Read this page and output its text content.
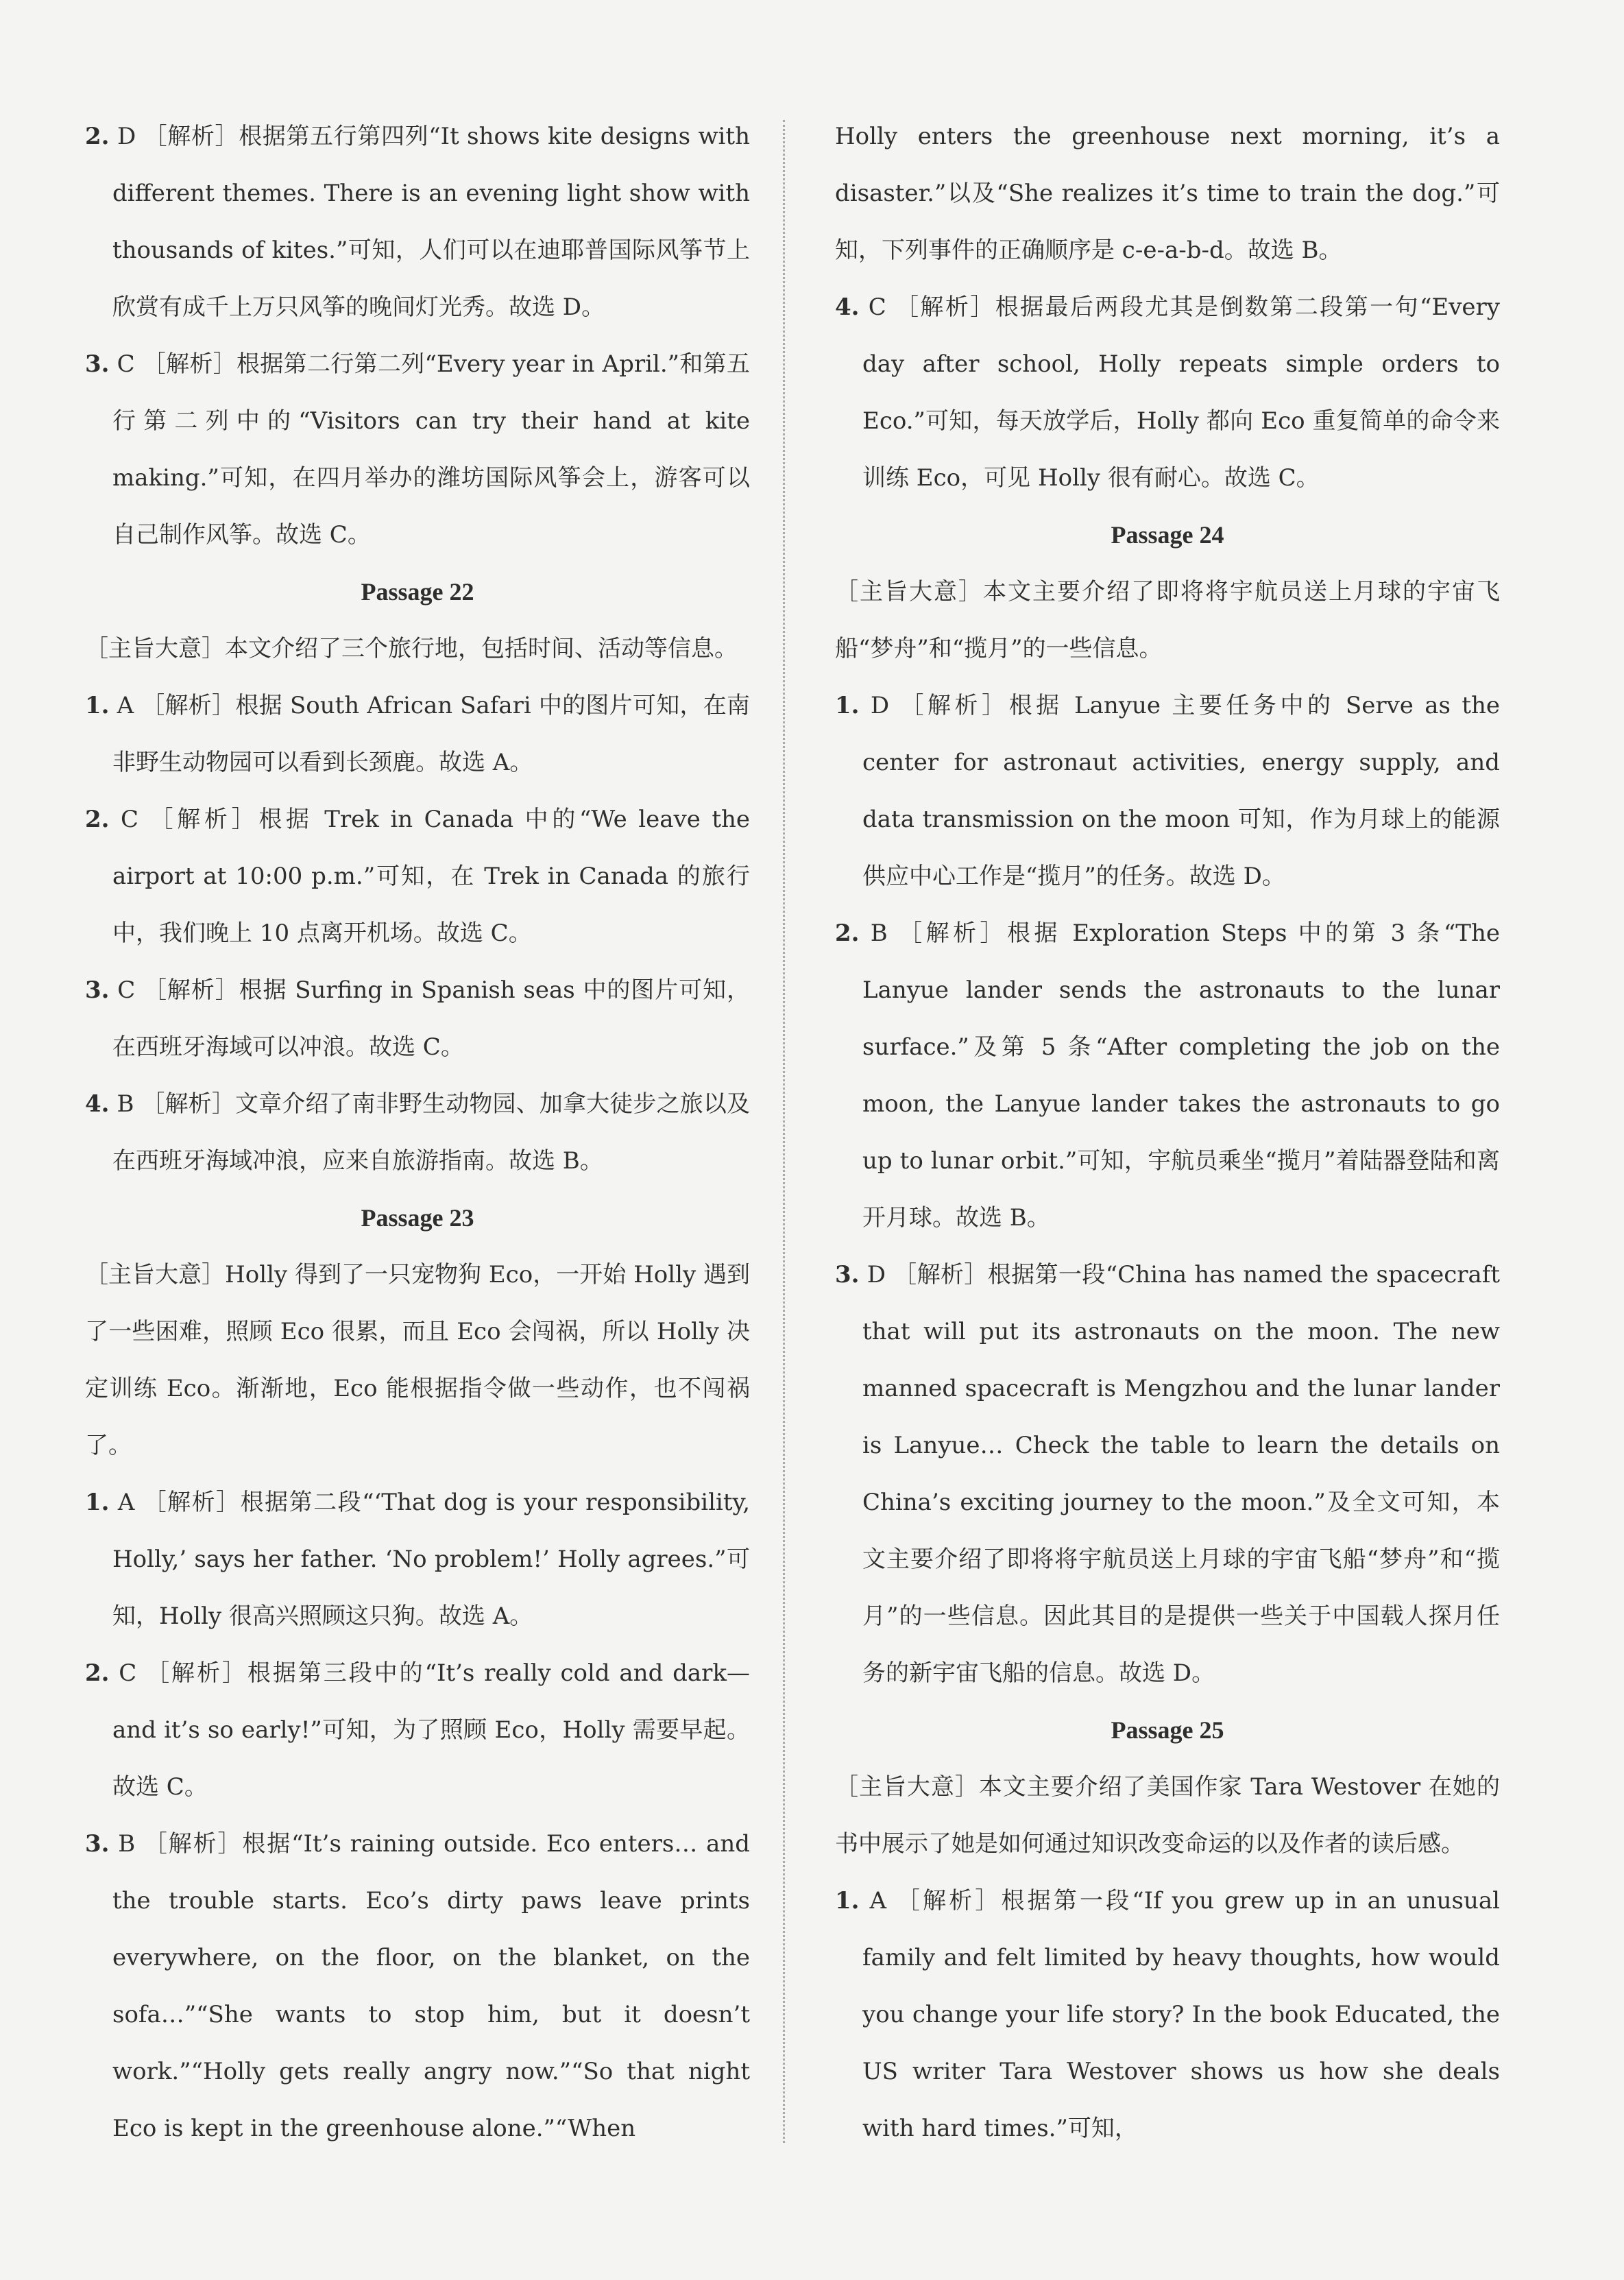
2. D ［解析］根据第五行第四列“It shows kite designs with different themes. There is an evening light show with thousands of kites.”可知，人们可以在迪耶普国际风筝节上欣赏有成千上万只风筝的晚间灯光秀。故选 D。

3. C ［解析］根据第二行第二列“Every year in April.”和第五行第二列中的“Visitors can try their hand at kite making.”可知，在四月举办的潍坊国际风筝会上，游客可以自己制作风筝。故选 C。

Passage 22

［主旨大意］本文介绍了三个旅行地，包括时间、活动等信息。

1. A ［解析］根据 South African Safari 中的图片可知，在南非野生动物园可以看到长颈鹿。故选 A。

2. C ［解析］根据 Trek in Canada 中的“We leave the airport at 10:00 p.m.”可知，在 Trek in Canada 的旅行中，我们晚上 10 点离开机场。故选 C。

3. C ［解析］根据 Surfing in Spanish seas 中的图片可知，在西班牙海域可以冲浪。故选 C。

4. B ［解析］文章介绍了南非野生动物园、加拿大徒步之旅以及在西班牙海域冲浪，应来自旅游指南。故选 B。

Passage 23

［主旨大意］Holly 得到了一只宠物狗 Eco，一开始 Holly 遇到了一些困难，照顾 Eco 很累，而且 Eco 会闯祸，所以 Holly 决定训练 Eco。渐渐地，Eco 能根据指令做一些动作，也不闯祸了。

1. A ［解析］根据第二段“‘That dog is your responsibility, Holly,’ says her father. ‘No problem!’ Holly agrees.”可知，Holly 很高兴照顾这只狗。故选 A。

2. C ［解析］根据第三段中的“It’s really cold and dark—and it’s so early!”可知，为了照顾 Eco，Holly 需要早起。故选 C。

3. B ［解析］根据“It’s raining outside. Eco enters… and the trouble starts. Eco’s dirty paws leave prints everywhere, on the floor, on the blanket, on the sofa…”“She wants to stop him, but it doesn’t work.”“Holly gets really angry now.”“So that night Eco is kept in the greenhouse alone.”“When

Holly enters the greenhouse next morning, it’s a disaster.”以及“She realizes it’s time to train the dog.”可知，下列事件的正确顺序是 c-e-a-b-d。故选 B。

4. C ［解析］根据最后两段尤其是倒数第二段第一句“Every day after school, Holly repeats simple orders to Eco.”可知，每天放学后，Holly 都向 Eco 重复简单的命令来训练 Eco，可见 Holly 很有耐心。故选 C。

Passage 24

［主旨大意］本文主要介绍了即将将宇航员送上月球的宇宙飞船“梦舟”和“揽月”的一些信息。

1. D ［解析］根据 Lanyue 主要任务中的 Serve as the center for astronaut activities, energy supply, and data transmission on the moon 可知，作为月球上的能源供应中心工作是“揽月”的任务。故选 D。

2. B ［解析］根据 Exploration Steps 中的第 3 条“The Lanyue lander sends the astronauts to the lunar surface.”及第 5 条“After completing the job on the moon, the Lanyue lander takes the astronauts to go up to lunar orbit.”可知，宇航员乘坐“揽月”着陆器登陆和离开月球。故选 B。

3. D ［解析］根据第一段“China has named the spacecraft that will put its astronauts on the moon. The new manned spacecraft is Mengzhou and the lunar lander is Lanyue… Check the table to learn the details on China’s exciting journey to the moon.”及全文可知，本文主要介绍了即将将宇航员送上月球的宇宙飞船“梦舟”和“揽月”的一些信息。因此其目的是提供一些关于中国载人探月任务的新宇宙飞船的信息。故选 D。

Passage 25

［主旨大意］本文主要介绍了美国作家 Tara Westover 在她的书中展示了她是如何通过知识改变命运的以及作者的读后感。

1. A ［解析］根据第一段“If you grew up in an unusual family and felt limited by heavy thoughts, how would you change your life story? In the book Educated, the US writer Tara Westover shows us how she deals with hard times.”可知，
